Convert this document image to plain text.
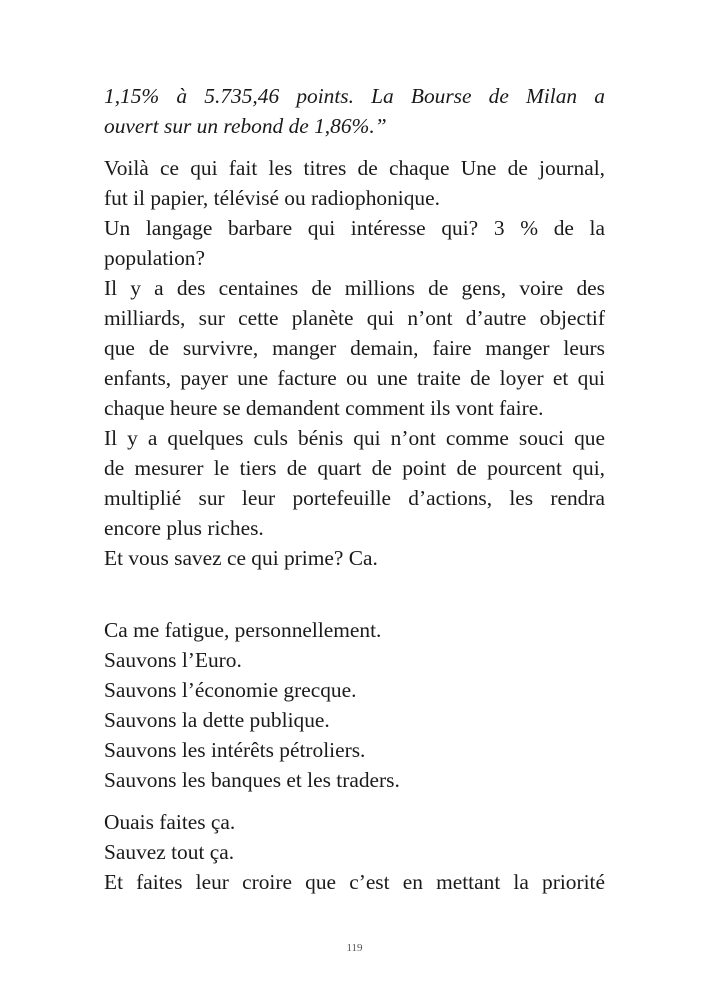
1,15% à 5.735,46 points. La Bourse de Milan a
ouvert sur un rebond de 1,86%.”
Voilà ce qui fait les titres de chaque Une de journal,
fut il papier, télévisé ou radiophonique.
Un langage barbare qui intéresse qui? 3 % de la
population?
Il y a des centaines de millions de gens, voire des
milliards, sur cette planète qui n’ont d’autre objectif
que de survivre, manger demain, faire manger leurs
enfants, payer une facture ou une traite de loyer et qui
chaque heure se demandent comment ils vont faire.
Il y a quelques culs bénis qui n’ont comme souci que
de mesurer le tiers de quart de point de pourcent qui,
multiplié sur leur portefeuille d’actions, les rendra
encore plus riches.
Et vous savez ce qui prime? Ca.
Ca me fatigue, personnellement.
Sauvons l’Euro.
Sauvons l’économie grecque.
Sauvons la dette publique.
Sauvons les intérêts pétroliers.
Sauvons les banques et les traders.
Ouais faites ça.
Sauvez tout ça.
Et faites leur croire que c’est en mettant la priorité
119
